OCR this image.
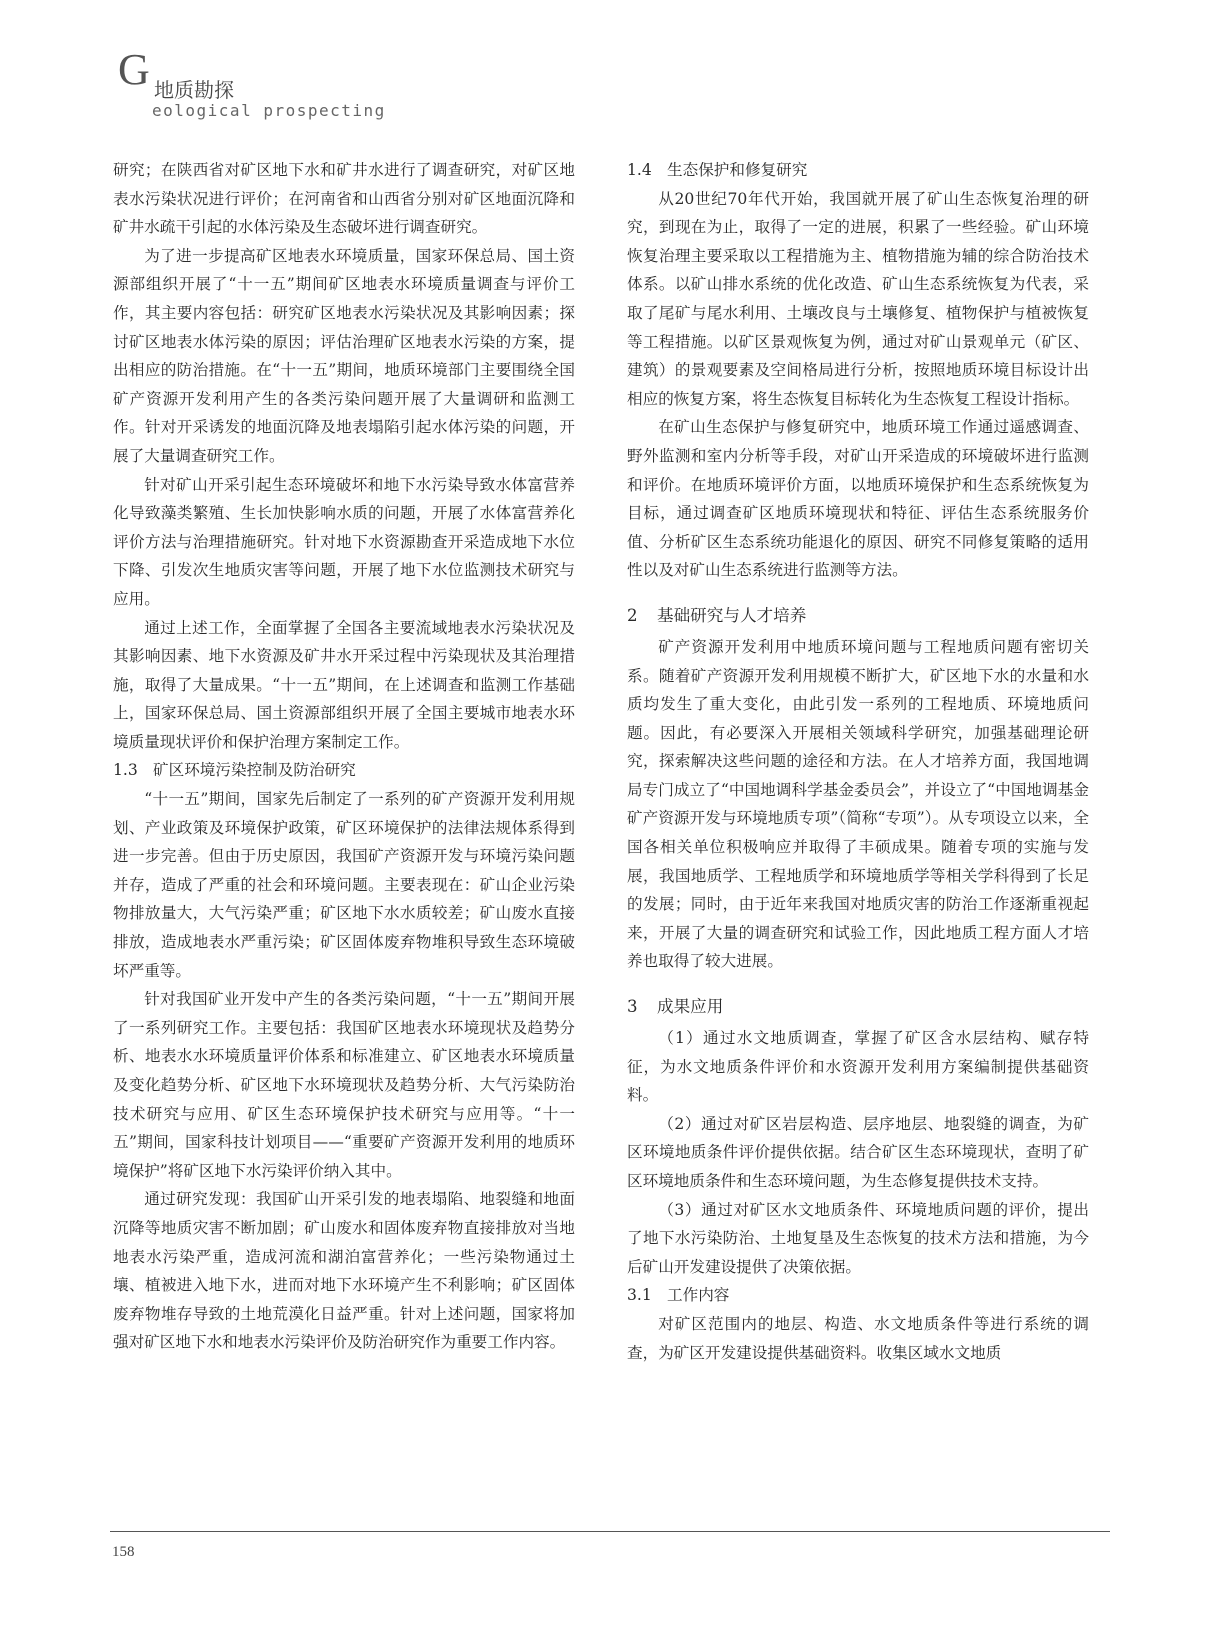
G 地质勘探
eological prospecting

研究；在陕西省对矿区地下水和矿井水进行了调查研究，对矿区地表水污染状况进行评价；在河南省和山西省分别对矿区地面沉降和矿井水疏干引起的水体污染及生态破坏进行调查研究。

为了进一步提高矿区地表水环境质量，国家环保总局、国土资源部组织开展了“十一五”期间矿区地表水环境质量调查与评价工作，其主要内容包括：研究矿区地表水污染状况及其影响因素；探讨矿区地表水体污染的原因；评估治理矿区地表水污染的方案，提出相应的防治措施。在“十一五”期间，地质环境部门主要围绕全国矿产资源开发利用产生的各类污染问题开展了大量调研和监测工作。针对开采诱发的地面沉降及地表塌陷引起水体污染的问题，开展了大量调查研究工作。

针对矿山开采引起生态环境破坏和地下水污染导致水体富营养化导致藻类繁殖、生长加快影响水质的问题，开展了水体富营养化评价方法与治理措施研究。针对地下水资源勘查开采造成地下水位下降、引发次生地质灾害等问题，开展了地下水位监测技术研究与应用。

通过上述工作，全面掌握了全国各主要流域地表水污染状况及其影响因素、地下水资源及矿井水开采过程中污染现状及其治理措施，取得了大量成果。“十一五”期间，在上述调查和监测工作基础上，国家环保总局、国土资源部组织开展了全国主要城市地表水环境质量现状评价和保护治理方案制定工作。

1.3 矿区环境污染控制及防治研究

“十一五”期间，国家先后制定了一系列的矿产资源开发利用规划、产业政策及环境保护政策，矿区环境保护的法律法规体系得到进一步完善。但由于历史原因，我国矿产资源开发与环境污染问题并存，造成了严重的社会和环境问题。主要表现在：矿山企业污染物排放量大，大气污染严重；矿区地下水水质较差；矿山废水直接排放，造成地表水严重污染；矿区固体废弃物堆积导致生态环境破坏严重等。

针对我国矿业开发中产生的各类污染问题，“十一五”期间开展了一系列研究工作。主要包括：我国矿区地表水环境现状及趋势分析、地表水水环境质量评价体系和标准建立、矿区地表水环境质量及变化趋势分析、矿区地下水环境现状及趋势分析、大气污染防治技术研究与应用、矿区生态环境保护技术研究与应用等。“十一五”期间，国家科技计划项目——“重要矿产资源开发利用的地质环境保护”将矿区地下水污染评价纳入其中。

通过研究发现：我国矿山开采引发的地表塌陷、地裂缝和地面沉降等地质灾害不断加剧；矿山废水和固体废弃物直接排放对当地地表水污染严重，造成河流和湖泊富营养化；一些污染物通过土壤、植被进入地下水，进而对地下水环境产生不利影响；矿区固体废弃物堆存导致的土地荒漠化日益严重。针对上述问题，国家将加强对矿区地下水和地表水污染评价及防治研究作为重要工作内容。

1.4 生态保护和修复研究

从20世纪70年代开始，我国就开展了矿山生态恢复治理的研究，到现在为止，取得了一定的进展，积累了一些经验。矿山环境恢复治理主要采取以工程措施为主、植物措施为辅的综合防治技术体系。以矿山排水系统的优化改造、矿山生态系统恢复为代表，采取了尾矿与尾水利用、土壤改良与土壤修复、植物保护与植被恢复等工程措施。以矿区景观恢复为例，通过对矿山景观单元（矿区、建筑）的景观要素及空间格局进行分析，按照地质环境目标设计出相应的恢复方案，将生态恢复目标转化为生态恢复工程设计指标。

在矿山生态保护与修复研究中，地质环境工作通过遥感调查、野外监测和室内分析等手段，对矿山开采造成的环境破坏进行监测和评价。在地质环境评价方面，以地质环境保护和生态系统恢复为目标，通过调查矿区地质环境现状和特征、评估生态系统服务价值、分析矿区生态系统功能退化的原因、研究不同修复策略的适用性以及对矿山生态系统进行监测等方法。

2 基础研究与人才培养

矿产资源开发利用中地质环境问题与工程地质问题有密切关系。随着矿产资源开发利用规模不断扩大，矿区地下水的水量和水质均发生了重大变化，由此引发一系列的工程地质、环境地质问题。因此，有必要深入开展相关领域科学研究，加强基础理论研究，探索解决这些问题的途径和方法。在人才培养方面，我国地调局专门成立了“中国地调科学基金委员会”，并设立了“中国地调基金矿产资源开发与环境地质专项”（简称“专项”）。从专项设立以来，全国各相关单位积极响应并取得了丰硕成果。随着专项的实施与发展，我国地质学、工程地质学和环境地质学等相关学科得到了长足的发展；同时，由于近年来我国对地质灾害的防治工作逐渐重视起来，开展了大量的调查研究和试验工作，因此地质工程方面人才培养也取得了较大进展。

3 成果应用

（1）通过水文地质调查，掌握了矿区含水层结构、赋存特征，为水文地质条件评价和水资源开发利用方案编制提供基础资料。

（2）通过对矿区岩层构造、层序地层、地裂缝的调查，为矿区环境地质条件评价提供依据。结合矿区生态环境现状，查明了矿区环境地质条件和生态环境问题，为生态修复提供技术支持。

（3）通过对矿区水文地质条件、环境地质问题的评价，提出了地下水污染防治、土地复垦及生态恢复的技术方法和措施，为今后矿山开发建设提供了决策依据。

3.1 工作内容

对矿区范围内的地层、构造、水文地质条件等进行系统的调查，为矿区开发建设提供基础资料。收集区域水文地质

158
